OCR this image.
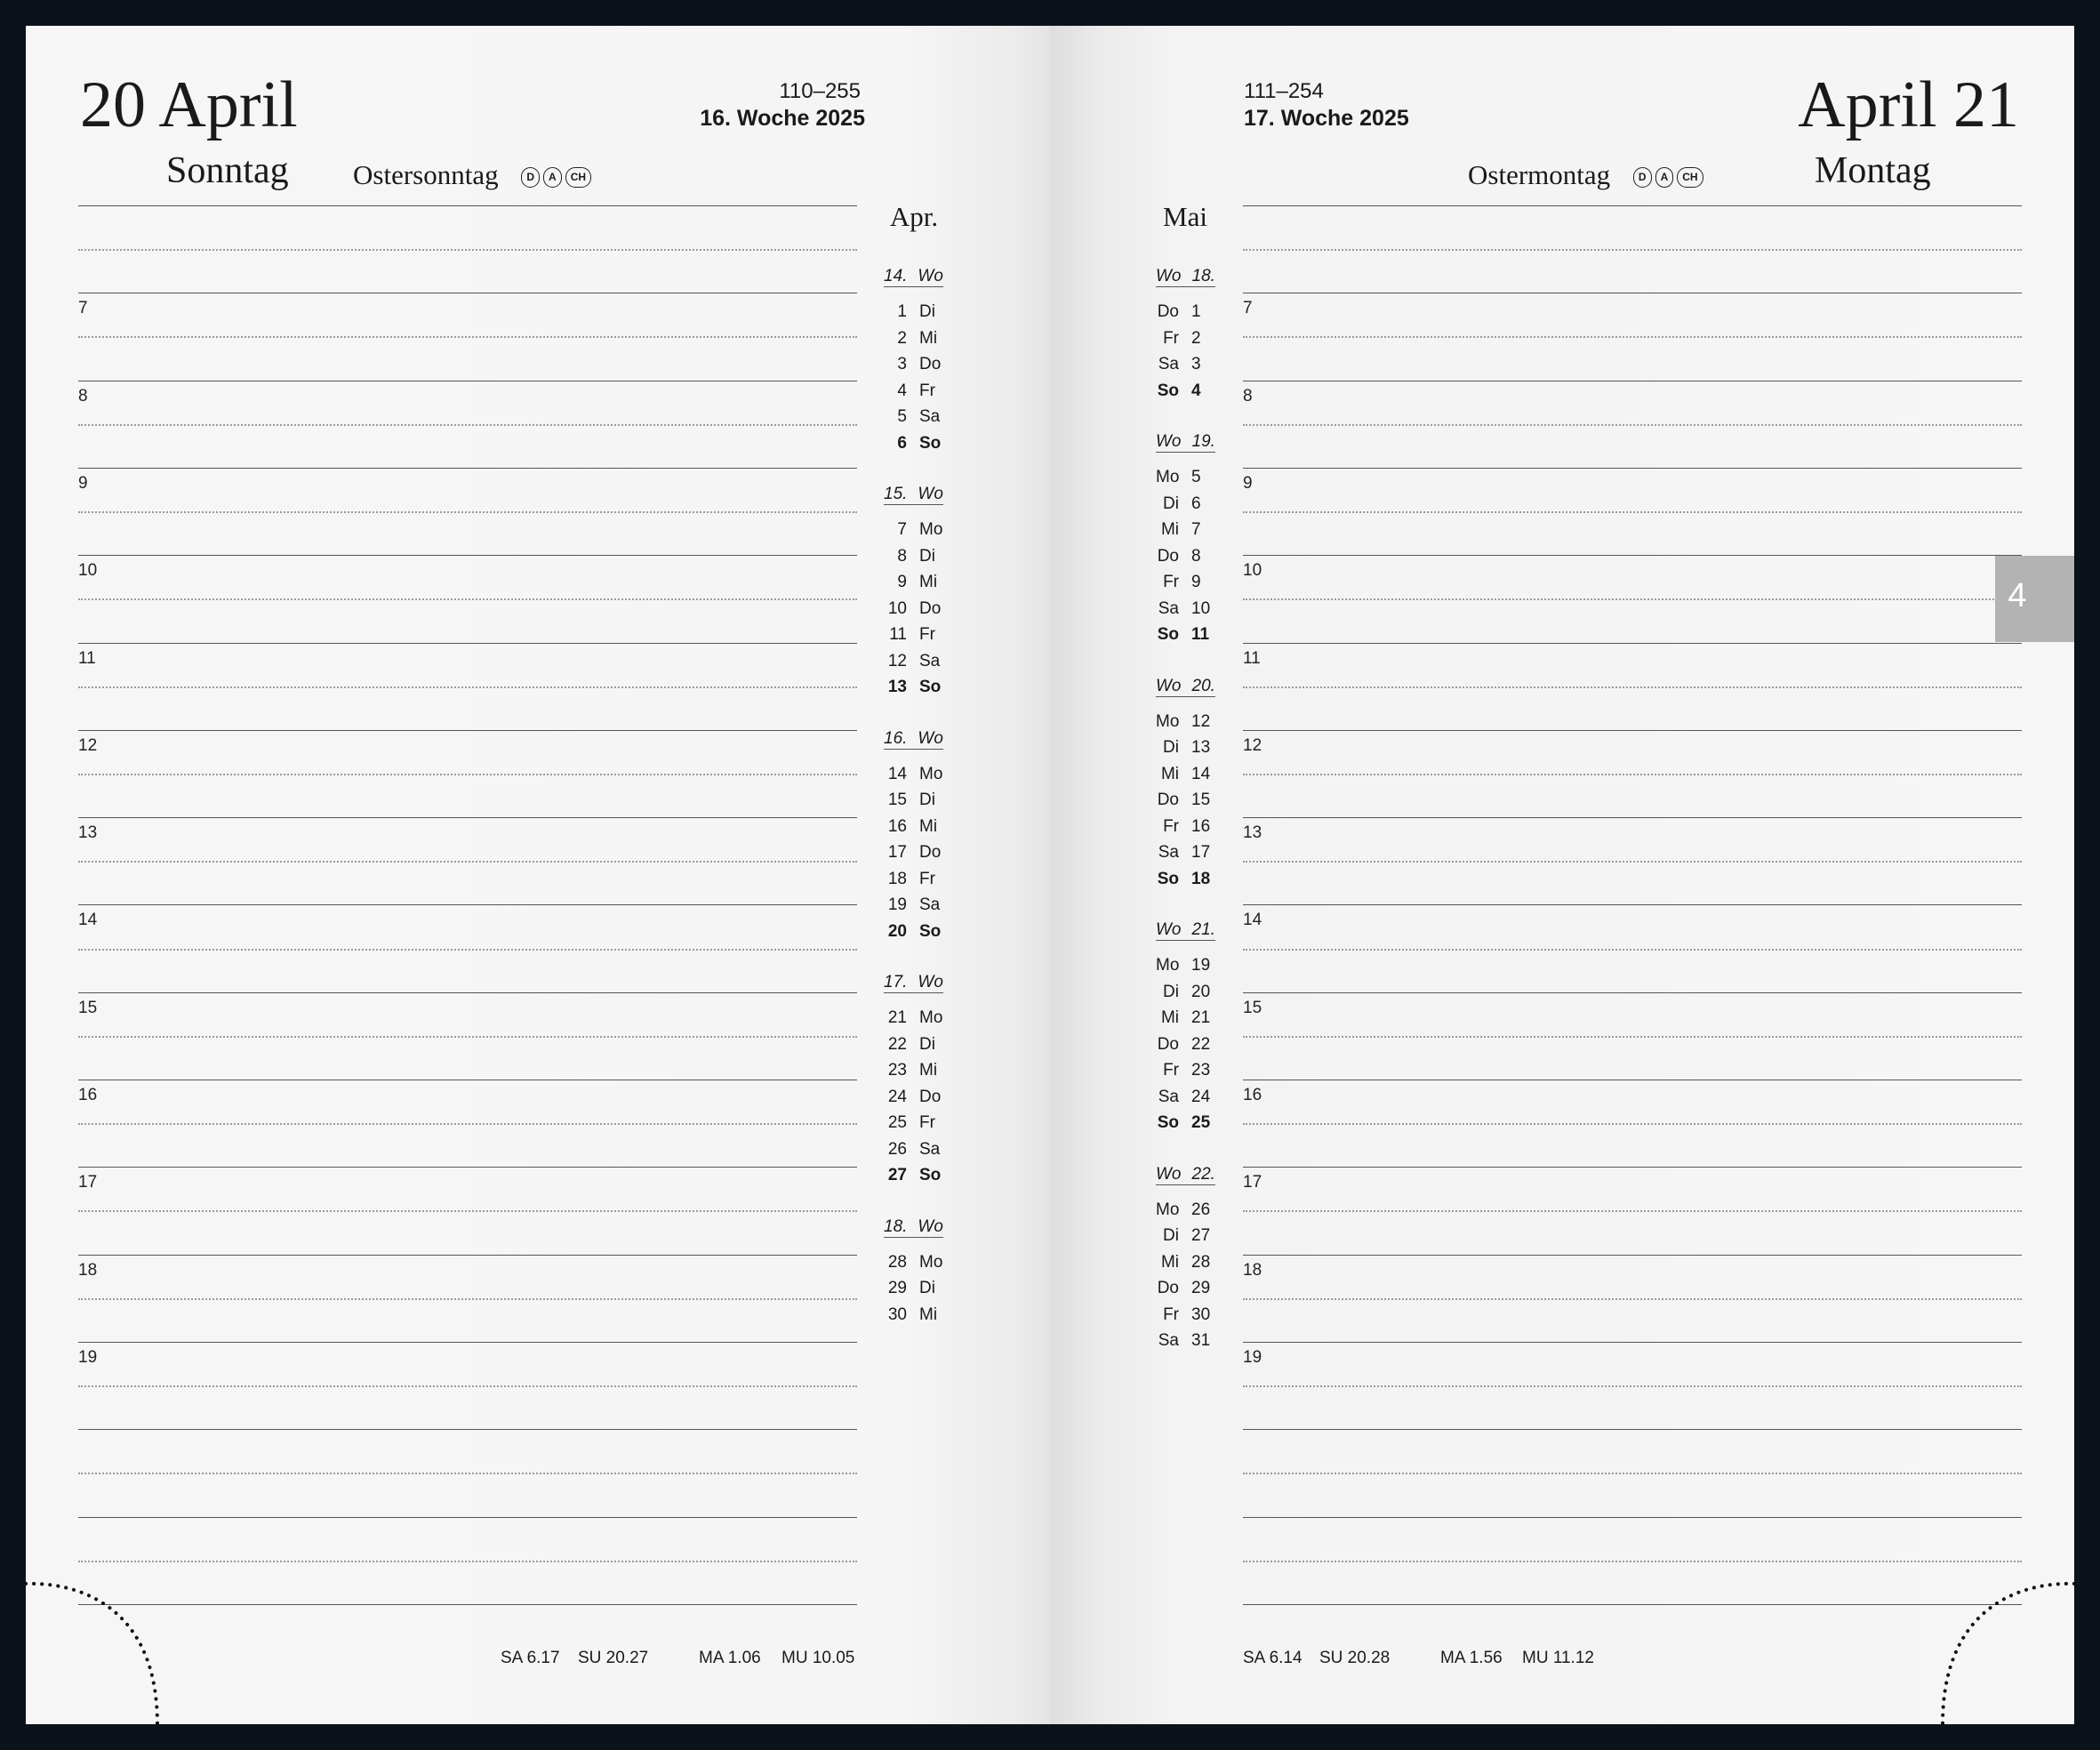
20 April
Sonntag Ostersonntag	D A CH
110–255
16. Woche 2025
7
8
9
10
11
12
13
14
15
16
17
18
19
Apr.
14. Wo
1 Di
2 Mi
3 Do
4 Fr
5 Sa
6 So
15. Wo
7 Mo
8 Di
9 Mi
10 Do
11 Fr
12 Sa
13 So
16. Wo
14 Mo
15 Di
16 Mi
17 Do
18 Fr
19 Sa
20 So
17. Wo
21 Mo
22 Di
23 Mi
24 Do
25 Fr
26 Sa
27 So
18. Wo
28 Mo
29 Di
30 Mi
SA 6.17 SU 20.27	MA 1.06 MU 10.05
111–254
17. Woche 2025	April 21
Ostermontag	D A CH	Montag
7
8
9
10
11
12
13
14
15
16
17
18
19
Mai
Wo 18.
Do 1
Fr 2
Sa 3
So 4
Wo 19.
Mo 5
Di 6
Mi 7
Do 8
Fr 9
Sa 10
So 11
Wo 20.
Mo 12
Di 13
Mi 14
Do 15
Fr 16
Sa 17
So 18
Wo 21.
Mo 19
Di 20
Mi 21
Do 22
Fr 23
Sa 24
So 25
Wo 22.
Mo 26
Di 27
Mi 28
Do 29
Fr 30
Sa 31
SA 6.14 SU 20.28	MA 1.56 MU 11.12
4
